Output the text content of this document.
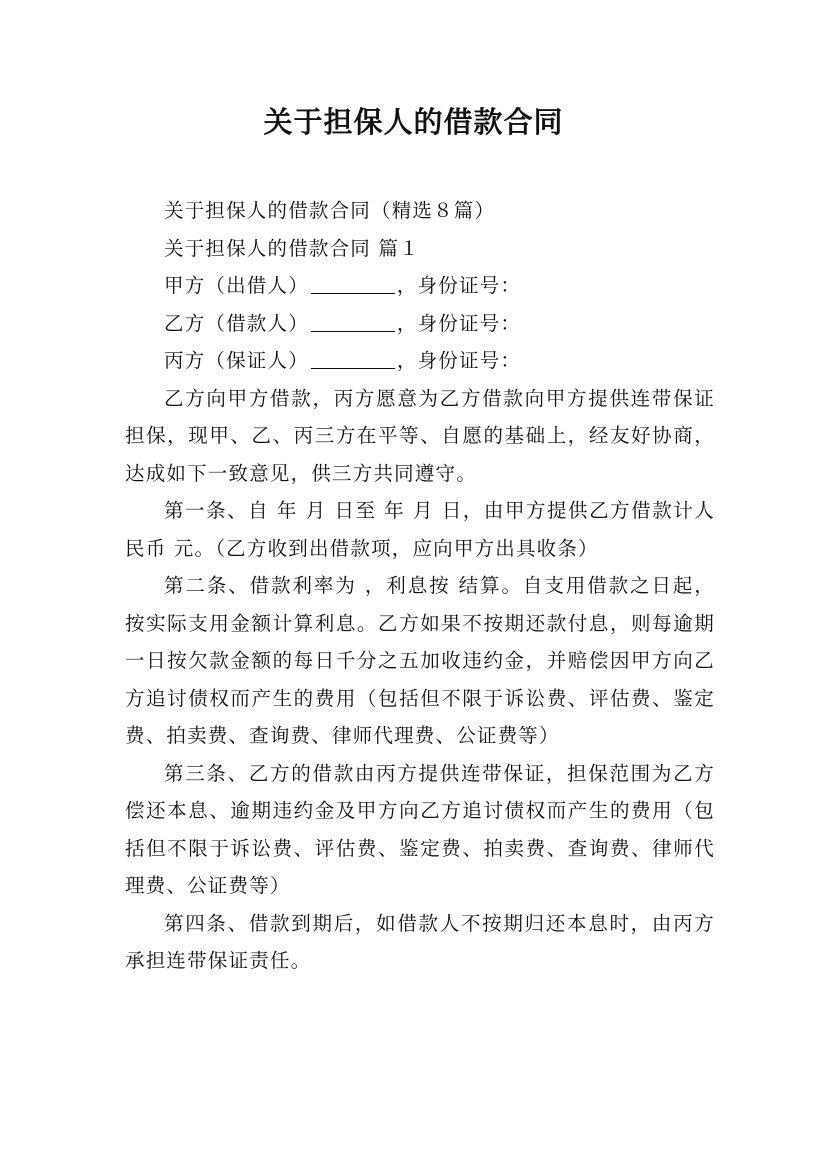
关于担保人的借款合同

关于担保人的借款合同（精选８篇）

关于担保人的借款合同 篇１

甲方（出借人）	，身份证号：

乙方（借款人）	，身份证号：

丙方（保证人）	，身份证号：

乙方向甲方借款，丙方愿意为乙方借款向甲方提供连带保证担保，现甲、乙、丙三方在平等、自愿的基础上，经友好协商，达成如下一致意见，供三方共同遵守。

第一条、自 年 月 日至 年 月 日，由甲方提供乙方借款计人民币 元。（乙方收到出借款项，应向甲方出具收条）

第二条、借款利率为 ，利息按 结算。自支用借款之日起，按实际支用金额计算利息。乙方如果不按期还款付息，则每逾期一日按欠款金额的每日千分之五加收违约金，并赔偿因甲方向乙方追讨债权而产生的费用（包括但不限于诉讼费、评估费、鉴定费、拍卖费、查询费、律师代理费、公证费等）

第三条、乙方的借款由丙方提供连带保证，担保范围为乙方偿还本息、逾期违约金及甲方向乙方追讨债权而产生的费用（包括但不限于诉讼费、评估费、鉴定费、拍卖费、查询费、律师代理费、公证费等）

第四条、借款到期后，如借款人不按期归还本息时，由丙方承担连带保证责任。
